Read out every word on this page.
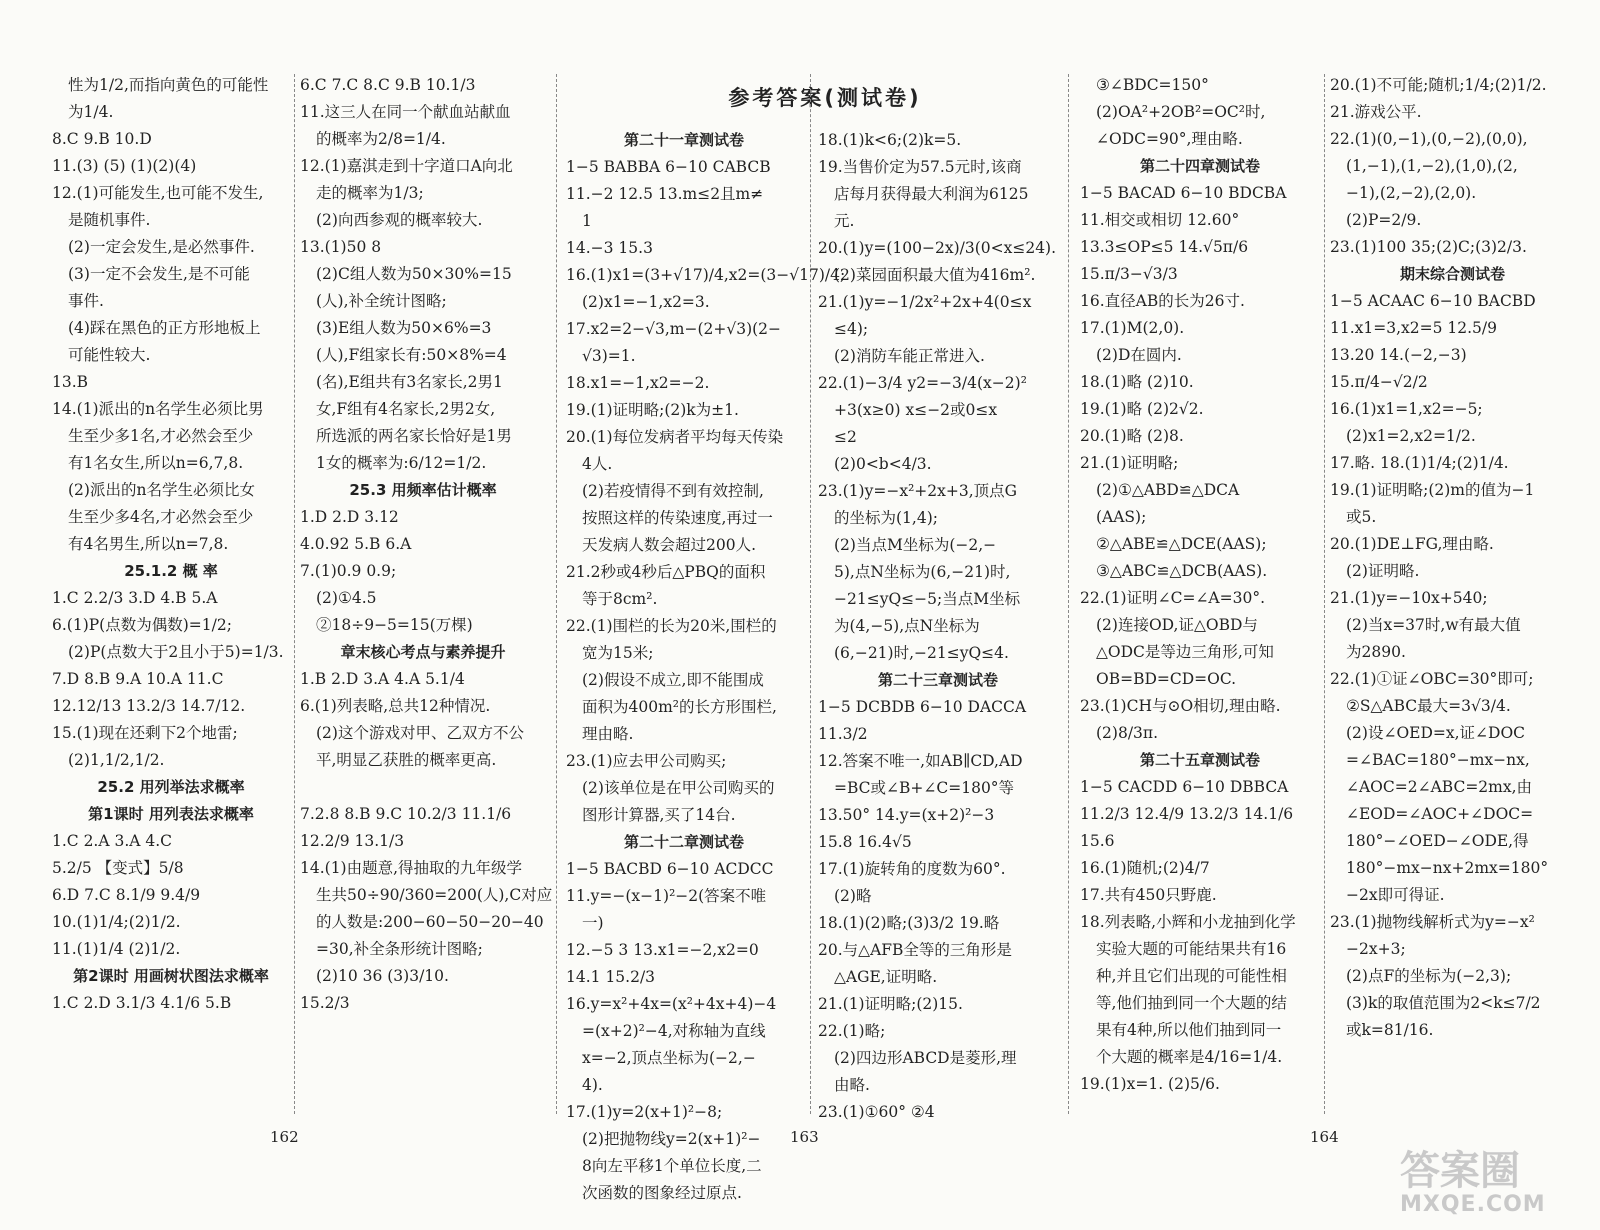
参考答案(测试卷)
性为1/2,而指向黄色的可能性
为1/4.
8.C 9.B 10.D
11.(3) (5) (1)(2)(4)
12.(1)可能发生,也可能不发生,
是随机事件.
(2)一定会发生,是必然事件.
(3)一定不会发生,是不可能
事件.
(4)踩在黑色的正方形地板上
可能性较大.
13.B
14.(1)派出的n名学生必须比男
生至少多1名,才必然会至少
有1名女生,所以n=6,7,8.
(2)派出的n名学生必须比女
生至少多4名,才必然会至少
有4名男生,所以n=7,8.
25.1.2 概 率
1.C 2.2/3 3.D 4.B 5.A
6.(1)P(点数为偶数)=1/2;
(2)P(点数大于2且小于5)=1/3.
7.D 8.B 9.A 10.A 11.C
12.12/13 13.2/3 14.7/12.
15.(1)现在还剩下2个地雷;
(2)1,1/2,1/2.
25.2 用列举法求概率
第1课时 用列表法求概率
1.C 2.A 3.A 4.C
5.2/5 【变式】5/8
6.D 7.C 8.1/9 9.4/9
10.(1)1/4;(2)1/2.
11.(1)1/4 (2)1/2.
第2课时 用画树状图法求概率
1.C 2.D 3.1/3 4.1/6 5.B
6.C 7.C 8.C 9.B 10.1/3
11.这三人在同一个献血站献血
的概率为2/8=1/4.
12.(1)嘉淇走到十字道口A向北
走的概率为1/3;
(2)向西参观的概率较大.
13.(1)50 8
(2)C组人数为50×30%=15
(人),补全统计图略;
(3)E组人数为50×6%=3
(人),F组家长有:50×8%=4
(名),E组共有3名家长,2男1
女,F组有4名家长,2男2女,
所选派的两名家长恰好是1男
1女的概率为:6/12=1/2.
25.3 用频率估计概率
1.D 2.D 3.12
4.0.92 5.B 6.A
7.(1)0.9 0.9;
(2)①4.5
②18÷9−5=15(万棵)
章末核心考点与素养提升
1.B 2.D 3.A 4.A 5.1/4
6.(1)列表略,总共12种情况.
(2)这个游戏对甲、乙双方不公
平,明显乙获胜的概率更高.

7.2.8 8.B 9.C 10.2/3 11.1/6
12.2/9 13.1/3
14.(1)由题意,得抽取的九年级学
生共50÷90/360=200(人),C对应
的人数是:200−60−50−20−40
=30,补全条形统计图略;
(2)10 36 (3)3/10.
15.2/3

第二十一章测试卷
1−5 BABBA 6−10 CABCB
11.−2 12.5 13.m≤2且m≠
1
14.−3 15.3
16.(1)x1=(3+√17)/4,x2=(3−√17)/4;
(2)x1=−1,x2=3.
17.x2=2−√3,m−(2+√3)(2−
√3)=1.
18.x1=−1,x2=−2.
19.(1)证明略;(2)k为±1.
20.(1)每位发病者平均每天传染
4人.
(2)若疫情得不到有效控制,
按照这样的传染速度,再过一
天发病人数会超过200人.
21.2秒或4秒后△PBQ的面积
等于8cm².
22.(1)围栏的长为20米,围栏的
宽为15米;
(2)假设不成立,即不能围成
面积为400m²的长方形围栏,
理由略.
23.(1)应去甲公司购买;
(2)该单位是在甲公司购买的
图形计算器,买了14台.
第二十二章测试卷
1−5 BACBD 6−10 ACDCC
11.y=−(x−1)²−2(答案不唯
一)
12.−5 3 13.x1=−2,x2=0
14.1 15.2/3
16.y=x²+4x=(x²+4x+4)−4
=(x+2)²−4,对称轴为直线
x=−2,顶点坐标为(−2,−
4).
17.(1)y=2(x+1)²−8;
(2)把抛物线y=2(x+1)²−
8向左平移1个单位长度,二
次函数的图象经过原点.

18.(1)k<6;(2)k=5.
19.当售价定为57.5元时,该商
店每月获得最大利润为6125
元.
20.(1)y=(100−2x)/3(0<x≤24).
(2)菜园面积最大值为416m².
21.(1)y=−1/2x²+2x+4(0≤x
≤4);
(2)消防车能正常进入.
22.(1)−3/4 y2=−3/4(x−2)²
+3(x≥0) x≤−2或0≤x
≤2
(2)0<b<4/3.
23.(1)y=−x²+2x+3,顶点G
的坐标为(1,4);
(2)当点M坐标为(−2,−
5),点N坐标为(6,−21)时,
−21≤yQ≤−5;当点M坐标
为(4,−5),点N坐标为
(6,−21)时,−21≤yQ≤4.
第二十三章测试卷
1−5 DCBDB 6−10 DACCA
11.3/2
12.答案不唯一,如AB∥CD,AD
=BC或∠B+∠C=180°等
13.50° 14.y=(x+2)²−3
15.8 16.4√5
17.(1)旋转角的度数为60°.
(2)略
18.(1)(2)略;(3)3/2 19.略
20.与△AFB全等的三角形是
△AGE,证明略.
21.(1)证明略;(2)15.
22.(1)略;
(2)四边形ABCD是菱形,理
由略.
23.(1)①60° ②4
③∠BDC=150°
(2)OA²+2OB²=OC²时,
∠ODC=90°,理由略.
第二十四章测试卷
1−5 BACAD 6−10 BDCBA
11.相交或相切 12.60°
13.3≤OP≤5 14.√5π/6
15.π/3−√3/3
16.直径AB的长为26寸.
17.(1)M(2,0).
(2)D在圆内.
18.(1)略 (2)10.
19.(1)略 (2)2√2.
20.(1)略 (2)8.
21.(1)证明略;
(2)①△ABD≌△DCA
(AAS);
②△ABE≌△DCE(AAS);
③△ABC≌△DCB(AAS).
22.(1)证明∠C=∠A=30°.
(2)连接OD,证△OBD与
△ODC是等边三角形,可知
OB=BD=CD=OC.
23.(1)CH与⊙O相切,理由略.
(2)8/3π.
第二十五章测试卷
1−5 CACDD 6−10 DBBCA
11.2/3 12.4/9 13.2/3 14.1/6
15.6
16.(1)随机;(2)4/7
17.共有450只野鹿.
18.列表略,小辉和小龙抽到化学
实验大题的可能结果共有16
种,并且它们出现的可能性相
等,他们抽到同一个大题的结
果有4种,所以他们抽到同一
个大题的概率是4/16=1/4.
19.(1)x=1. (2)5/6.
20.(1)不可能;随机;1/4;(2)1/2.
21.游戏公平.
22.(1)(0,−1),(0,−2),(0,0),
(1,−1),(1,−2),(1,0),(2,
−1),(2,−2),(2,0).
(2)P=2/9.
23.(1)100 35;(2)C;(3)2/3.
期末综合测试卷
1−5 ACAAC 6−10 BACBD
11.x1=3,x2=5 12.5/9
13.20 14.(−2,−3)
15.π/4−√2/2
16.(1)x1=1,x2=−5;
(2)x1=2,x2=1/2.
17.略. 18.(1)1/4;(2)1/4.
19.(1)证明略;(2)m的值为−1
或5.
20.(1)DE⊥FG,理由略.
(2)证明略.
21.(1)y=−10x+540;
(2)当x=37时,w有最大值
为2890.
22.(1)①证∠OBC=30°即可;
②S△ABC最大=3√3/4.
(2)设∠OED=x,证∠DOC
=∠BAC=180°−mx−nx,
∠AOC=2∠ABC=2mx,由
∠EOD=∠AOC+∠DOC=
180°−∠OED−∠ODE,得
180°−mx−nx+2mx=180°
−2x即可得证.
23.(1)抛物线解析式为y=−x²
−2x+3;
(2)点F的坐标为(−2,3);
(3)k的取值范围为2<k≤7/2
或k=81/16.
162	163	164
答案圈
MXQE.COM
